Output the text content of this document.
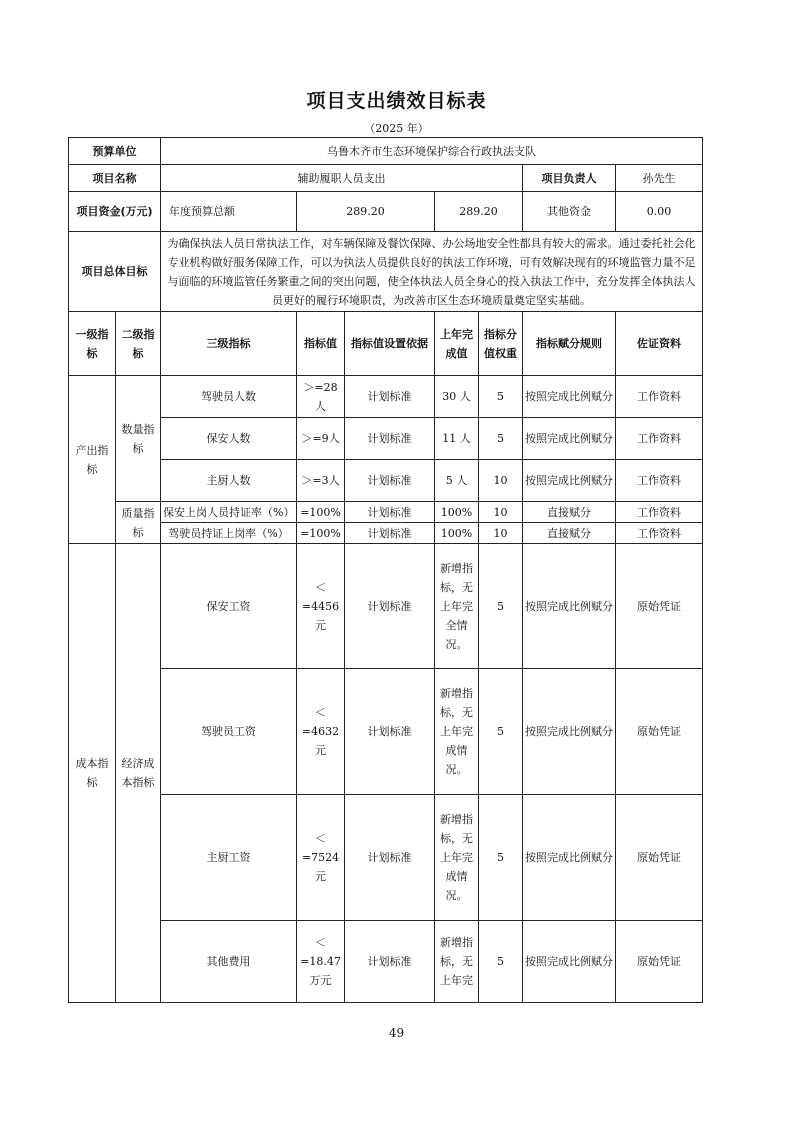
项目支出绩效目标表
（2025 年）
预算单位		乌鲁木齐市生态环境保护综合行政执法支队						
项目名称		辅助履职人员支出					项目负责人	孙先生
项目资金(万元)		年度预算总额	289.20		289.20		其他资金	0.00
项目总体目标		为确保执法人员日常执法工作，对车辆保障及餐饮保障、办公场地安全性都具有较大的需求。通过委托社会化专业机构做好服务保障工作，可以为执法人员提供良好的执法工作环境，可有效解决现有的环境监管力量不足与面临的环境监管任务繁重之间的突出问题，使全体执法人员全身心的投入执法工作中，充分发挥全体执法人员更好的履行环境职责，为改善市区生态环境质量奠定坚实基础。						
一级指标	二级指标	三级指标	指标值	指标值设置依据	上年完成值	指标分值权重	指标赋分规则	佐证资料
产出指标	数量指标	驾驶员人数	＞=28人	计划标准	30 人	5	按照完成比例赋分	工作资料
		保安人数	＞=9人	计划标准	11 人	5	按照完成比例赋分	工作资料
		主厨人数	＞=3人	计划标准	5 人	10	按照完成比例赋分	工作资料
	质量指标	保安上岗人员持证率（%）	=100%	计划标准	100%	10	直接赋分	工作资料
		驾驶员持证上岗率（%）	=100%	计划标准	100%	10	直接赋分	工作资料
成本指标	经济成本指标	保安工资	＜=4456元	计划标准	新增指标，无上年完全情况。	5	按照完成比例赋分	原始凭证
		驾驶员工资	＜=4632元	计划标准	新增指标，无上年完成情况。	5	按照完成比例赋分	原始凭证
		主厨工资	＜=7524元	计划标准	新增指标，无上年完成情况。	5	按照完成比例赋分	原始凭证
		其他费用	＜=18.47万元	计划标准	新增指标，无上年完	5	按照完成比例赋分	原始凭证
49
